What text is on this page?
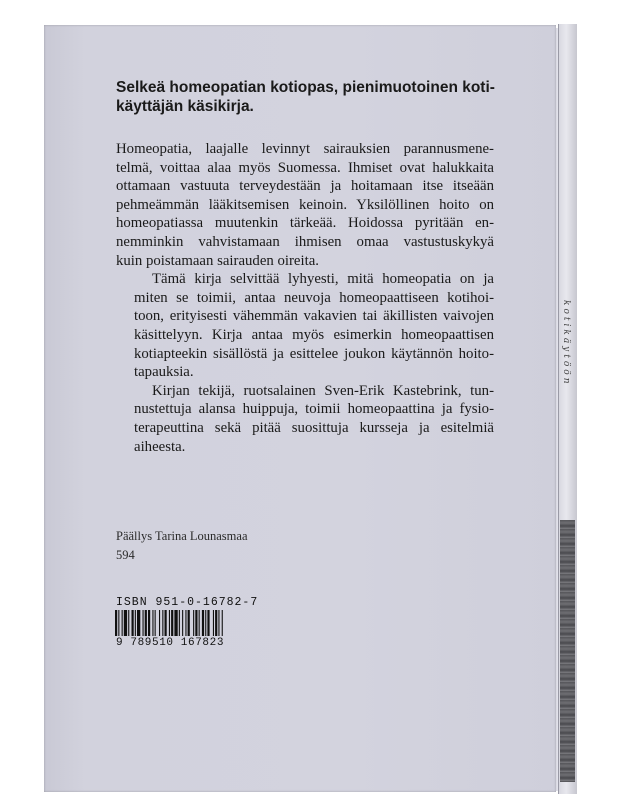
kotikäytöön
Selkeä homeopatian kotiopas, pienimuotoinen koti-
käyttäjän käsikirja.

Homeopatia, laajalle levinnyt sairauksien parannusmene-
telmä, voittaa alaa myös Suomessa. Ihmiset ovat halukkaita
ottamaan vastuuta terveydestään ja hoitamaan itse itseään
pehmeämmän lääkitsemisen keinoin. Yksilöllinen hoito on
homeopatiassa muutenkin tärkeää. Hoidossa pyritään en-
nemminkin vahvistamaan ihmisen omaa vastustuskykyä
kuin poistamaan sairauden oireita.

Tämä kirja selvittää lyhyesti, mitä homeopatia on ja
miten se toimii, antaa neuvoja homeopaattiseen kotihoi-
toon, erityisesti vähemmän vakavien tai äkillisten vaivojen
käsittelyyn. Kirja antaa myös esimerkin homeopaattisen
kotiapteekin sisällöstä ja esittelee joukon käytännön hoito-
tapauksia.

Kirjan tekijä, ruotsalainen Sven-Erik Kastebrink, tun-
nustettuja alansa huippuja, toimii homeopaattina ja fysio-
terapeuttina sekä pitää suosittuja kursseja ja esitelmiä
aiheesta.

Päällys Tarina Lounasmaa
594
ISBN 951-0-16782-7
9 789510 167823
